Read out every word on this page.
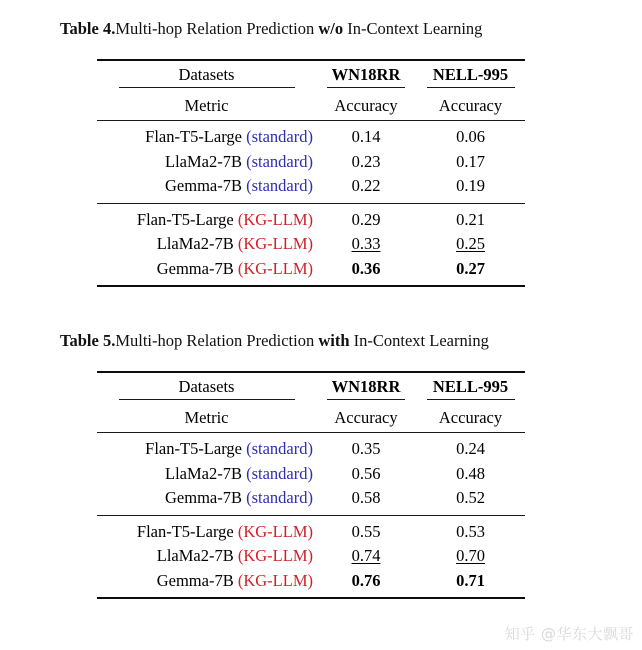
Table 4.Multi-hop Relation Prediction w/o In-Context Learning
Datasets	WN18RR	NELL-995
Metric	Accuracy	Accuracy
Flan-T5-Large (standard)	0.14	0.06
LlaMa2-7B (standard)	0.23	0.17
Gemma-7B (standard)	0.22	0.19
Flan-T5-Large (KG-LLM)	0.29	0.21
LlaMa2-7B (KG-LLM)	0.33	0.25
Gemma-7B (KG-LLM)	0.36	0.27
Table 5.Multi-hop Relation Prediction with In-Context Learning
Datasets	WN18RR	NELL-995
Metric	Accuracy	Accuracy
Flan-T5-Large (standard)	0.35	0.24
LlaMa2-7B (standard)	0.56	0.48
Gemma-7B (standard)	0.58	0.52
Flan-T5-Large (KG-LLM)	0.55	0.53
LlaMa2-7B (KG-LLM)	0.74	0.70
Gemma-7B (KG-LLM)	0.76	0.71
知乎 @华东大飘哥
